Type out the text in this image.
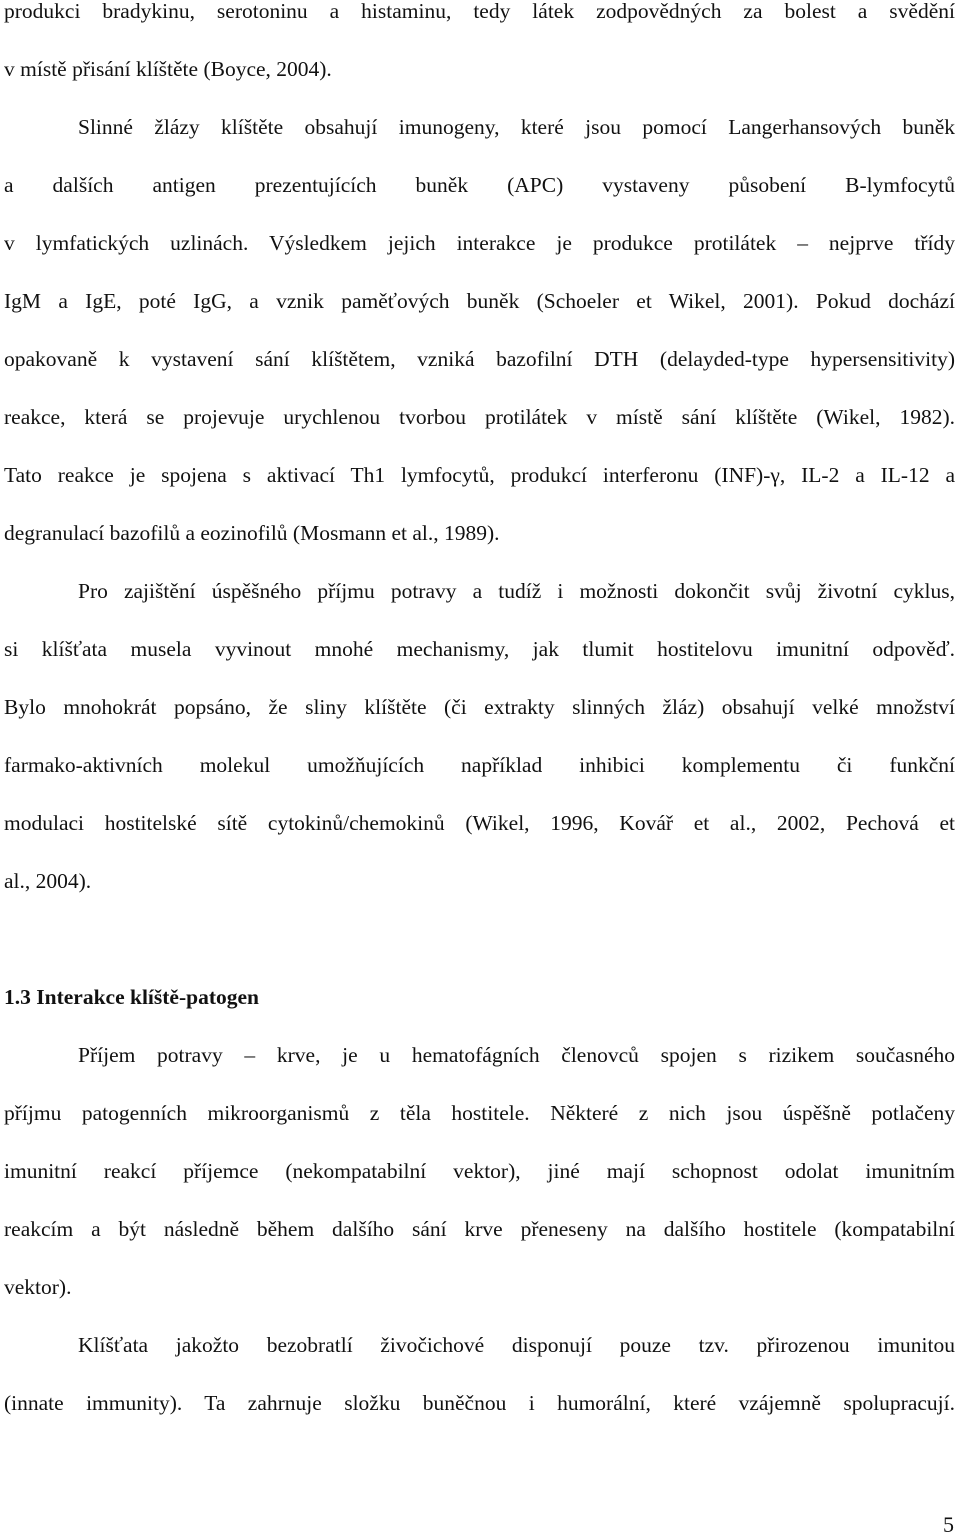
produkci bradykinu, serotoninu a histaminu, tedy látek zodpovědných za bolest a svědění

v místě přisání klíštěte (Boyce, 2004).

Slinné žlázy klíštěte obsahují imunogeny, které jsou pomocí Langerhansových buněk

a dalších antigen prezentujících buněk (APC) vystaveny působení B-lymfocytů

v lymfatických uzlinách. Výsledkem jejich interakce je produkce protilátek – nejprve třídy

IgM a IgE, poté IgG, a vznik paměťových buněk (Schoeler et Wikel, 2001). Pokud dochází

opakovaně k vystavení sání klíštětem, vzniká bazofilní DTH (delayded-type hypersensitivity)

reakce, která se projevuje urychlenou tvorbou protilátek v místě sání klíštěte (Wikel, 1982).

Tato reakce je spojena s aktivací Th1 lymfocytů, produkcí interferonu (INF)-γ, IL-2 a IL-12 a

degranulací bazofilů a eozinofilů (Mosmann et al., 1989).

Pro zajištění úspěšného příjmu potravy a tudíž i možnosti dokončit svůj životní cyklus,

si klíšťata musela vyvinout mnohé mechanismy, jak tlumit hostitelovu imunitní odpověď.

Bylo mnohokrát popsáno, že sliny klíštěte (či extrakty slinných žláz) obsahují velké množství

farmako-aktivních molekul umožňujících například inhibici komplementu či funkční

modulaci hostitelské sítě cytokinů/chemokinů (Wikel, 1996, Kovář et al., 2002, Pechová et

al., 2004).

1.3 Interakce klíště-patogen

Příjem potravy – krve, je u hematofágních členovců spojen s rizikem současného

příjmu patogenních mikroorganismů z těla hostitele. Některé z nich jsou úspěšně potlačeny

imunitní reakcí příjemce (nekompatabilní vektor), jiné mají schopnost odolat imunitním

reakcím a být následně během dalšího sání krve přeneseny na dalšího hostitele (kompatabilní

vektor).

Klíšťata jakožto bezobratlí živočichové disponují pouze tzv. přirozenou imunitou

(innate immunity). Ta zahrnuje složku buněčnou i humorální, které vzájemně spolupracují.

5
